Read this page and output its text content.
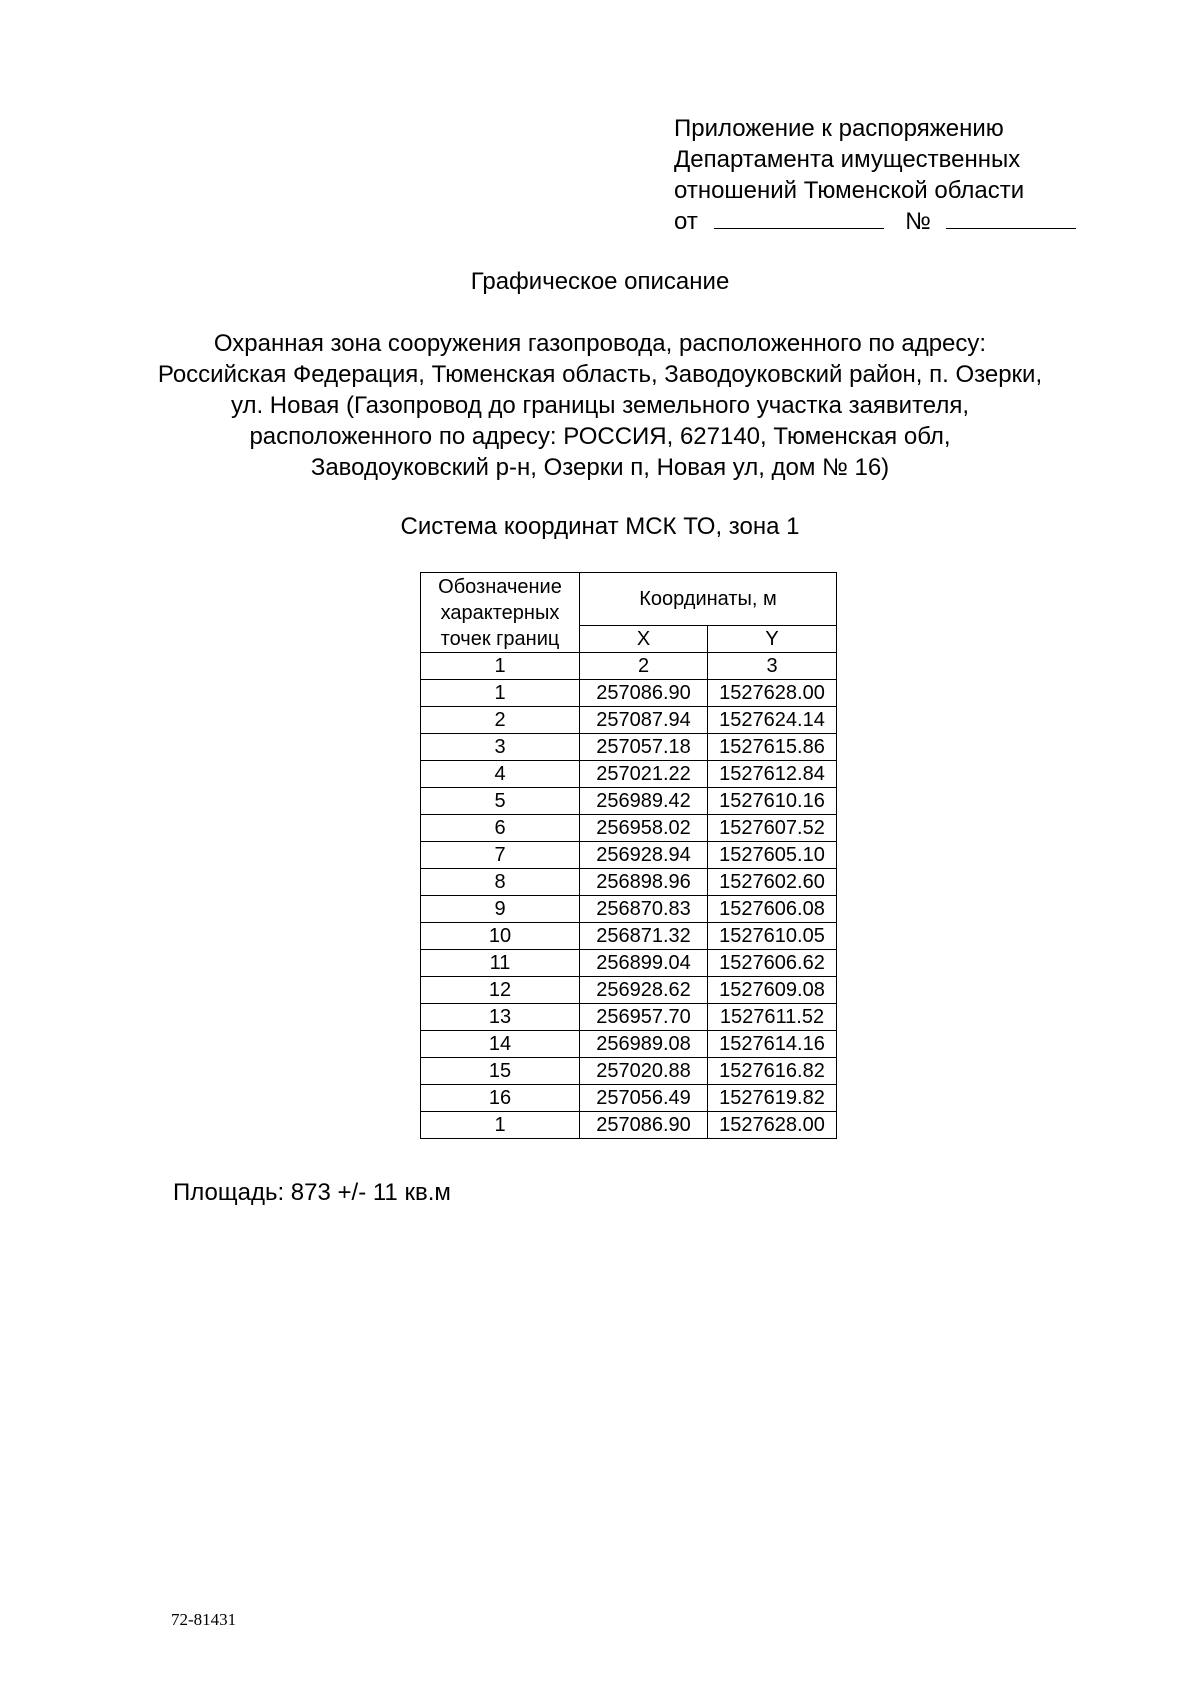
Приложение к распоряжению
Департамента имущественных
отношений Тюменской области
от	№
Графическое описание
Охранная зона сооружения газопровода, расположенного по адресу:
Российская Федерация, Тюменская область, Заводоуковский район, п. Озерки,
ул. Новая (Газопровод до границы земельного участка заявителя,
расположенного по адресу: РОССИЯ, 627140, Тюменская обл,
Заводоуковский р-н, Озерки п, Новая ул, дом № 16)
Система координат МСК ТО, зона 1
Обозначение
характерных
точек границ	Координаты, м	
	X	Y
1	2	3
1	257086.90	1527628.00
2	257087.94	1527624.14
3	257057.18	1527615.86
4	257021.22	1527612.84
5	256989.42	1527610.16
6	256958.02	1527607.52
7	256928.94	1527605.10
8	256898.96	1527602.60
9	256870.83	1527606.08
10	256871.32	1527610.05
11	256899.04	1527606.62
12	256928.62	1527609.08
13	256957.70	1527611.52
14	256989.08	1527614.16
15	257020.88	1527616.82
16	257056.49	1527619.82
1	257086.90	1527628.00
Площадь: 873 +/- 11 кв.м
72-81431
